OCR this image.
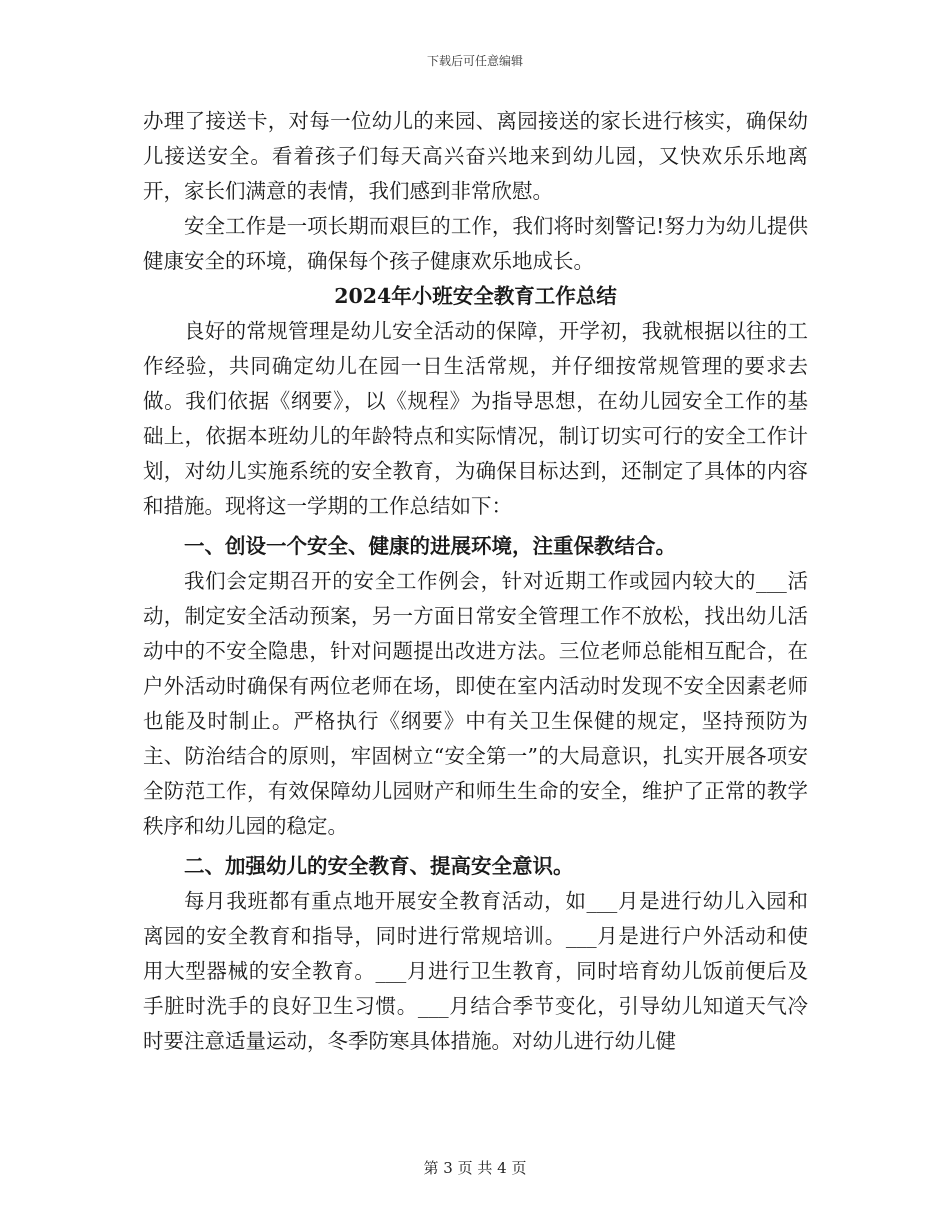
下载后可任意编辑

办理了接送卡，对每一位幼儿的来园、离园接送的家长进行核实，确保幼儿接送安全。看着孩子们每天高兴奋兴地来到幼儿园，又快欢乐乐地离开，家长们满意的表情，我们感到非常欣慰。

安全工作是一项长期而艰巨的工作，我们将时刻警记!努力为幼儿提供健康安全的环境，确保每个孩子健康欢乐地成长。

2024年小班安全教育工作总结

良好的常规管理是幼儿安全活动的保障，开学初，我就根据以往的工作经验，共同确定幼儿在园一日生活常规，并仔细按常规管理的要求去做。我们依据《纲要》，以《规程》为指导思想，在幼儿园安全工作的基础上，依据本班幼儿的年龄特点和实际情况，制订切实可行的安全工作计划，对幼儿实施系统的安全教育，为确保目标达到，还制定了具体的内容和措施。现将这一学期的工作总结如下：

一、创设一个安全、健康的进展环境，注重保教结合。

我们会定期召开的安全工作例会，针对近期工作或园内较大的___活动，制定安全活动预案，另一方面日常安全管理工作不放松，找出幼儿活动中的不安全隐患，针对问题提出改进方法。三位老师总能相互配合，在户外活动时确保有两位老师在场，即使在室内活动时发现不安全因素老师也能及时制止。严格执行《纲要》中有关卫生保健的规定，坚持预防为主、防治结合的原则，牢固树立“安全第一”的大局意识，扎实开展各项安全防范工作，有效保障幼儿园财产和师生生命的安全，维护了正常的教学秩序和幼儿园的稳定。

二、加强幼儿的安全教育、提高安全意识。

每月我班都有重点地开展安全教育活动，如___月是进行幼儿入园和离园的安全教育和指导，同时进行常规培训。___月是进行户外活动和使用大型器械的安全教育。___月进行卫生教育，同时培育幼儿饭前便后及手脏时洗手的良好卫生习惯。___月结合季节变化，引导幼儿知道天气冷时要注意适量运动，冬季防寒具体措施。对幼儿进行幼儿健

第 3 页 共 4 页
